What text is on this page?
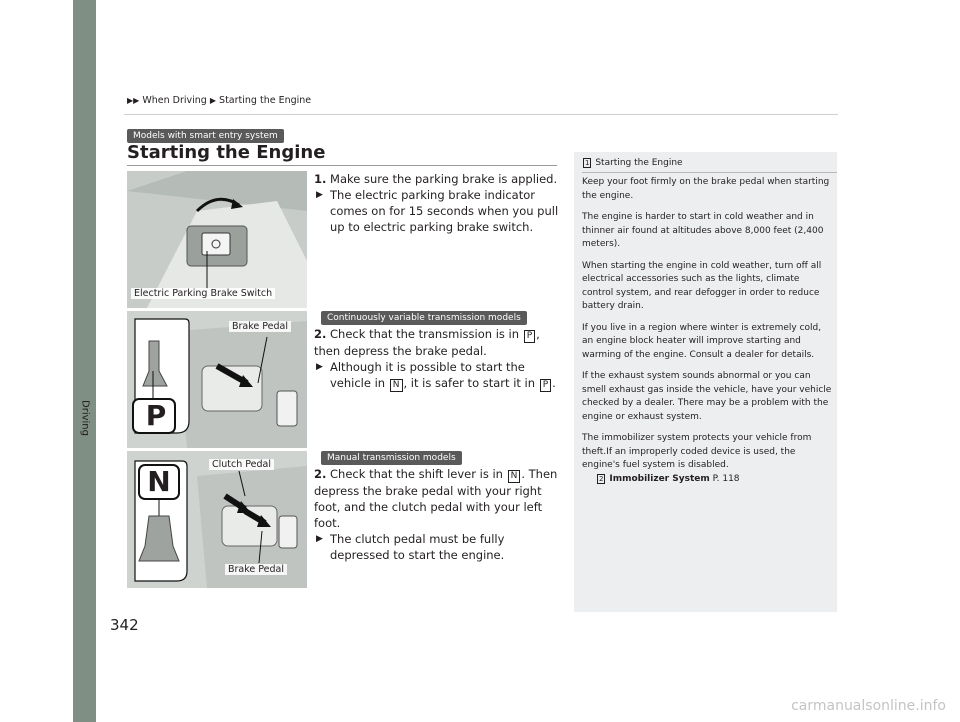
Driving
▶▶ When Driving ▶ Starting the Engine
Models with smart entry system
Starting the Engine
Electric Parking Brake Switch
1. Make sure the parking brake is applied.
▶ The electric parking brake indicator comes on for 15 seconds when you pull up to electric parking brake switch.
Continuously variable transmission models
P
Brake Pedal
2. Check that the transmission is in P , then depress the brake pedal.
▶ Although it is possible to start the vehicle in N , it is safer to start it in P .
Manual transmission models
N
Clutch Pedal
Brake Pedal
2. Check that the shift lever is in N . Then depress the brake pedal with your right foot, and the clutch pedal with your left foot.
▶ The clutch pedal must be fully depressed to start the engine.
1 Starting the Engine

Keep your foot firmly on the brake pedal when starting the engine.

The engine is harder to start in cold weather and in thinner air found at altitudes above 8,000 feet (2,400 meters).

When starting the engine in cold weather, turn off all electrical accessories such as the lights, climate control system, and rear defogger in order to reduce battery drain.

If you live in a region where winter is extremely cold, an engine block heater will improve starting and warming of the engine. Consult a dealer for details.

If the exhaust system sounds abnormal or you can smell exhaust gas inside the vehicle, have your vehicle checked by a dealer. There may be a problem with the engine or exhaust system.

The immobilizer system protects your vehicle from theft.If an improperly coded device is used, the engine's fuel system is disabled.

2 Immobilizer System P. 118
342
carmanualsonline.info
